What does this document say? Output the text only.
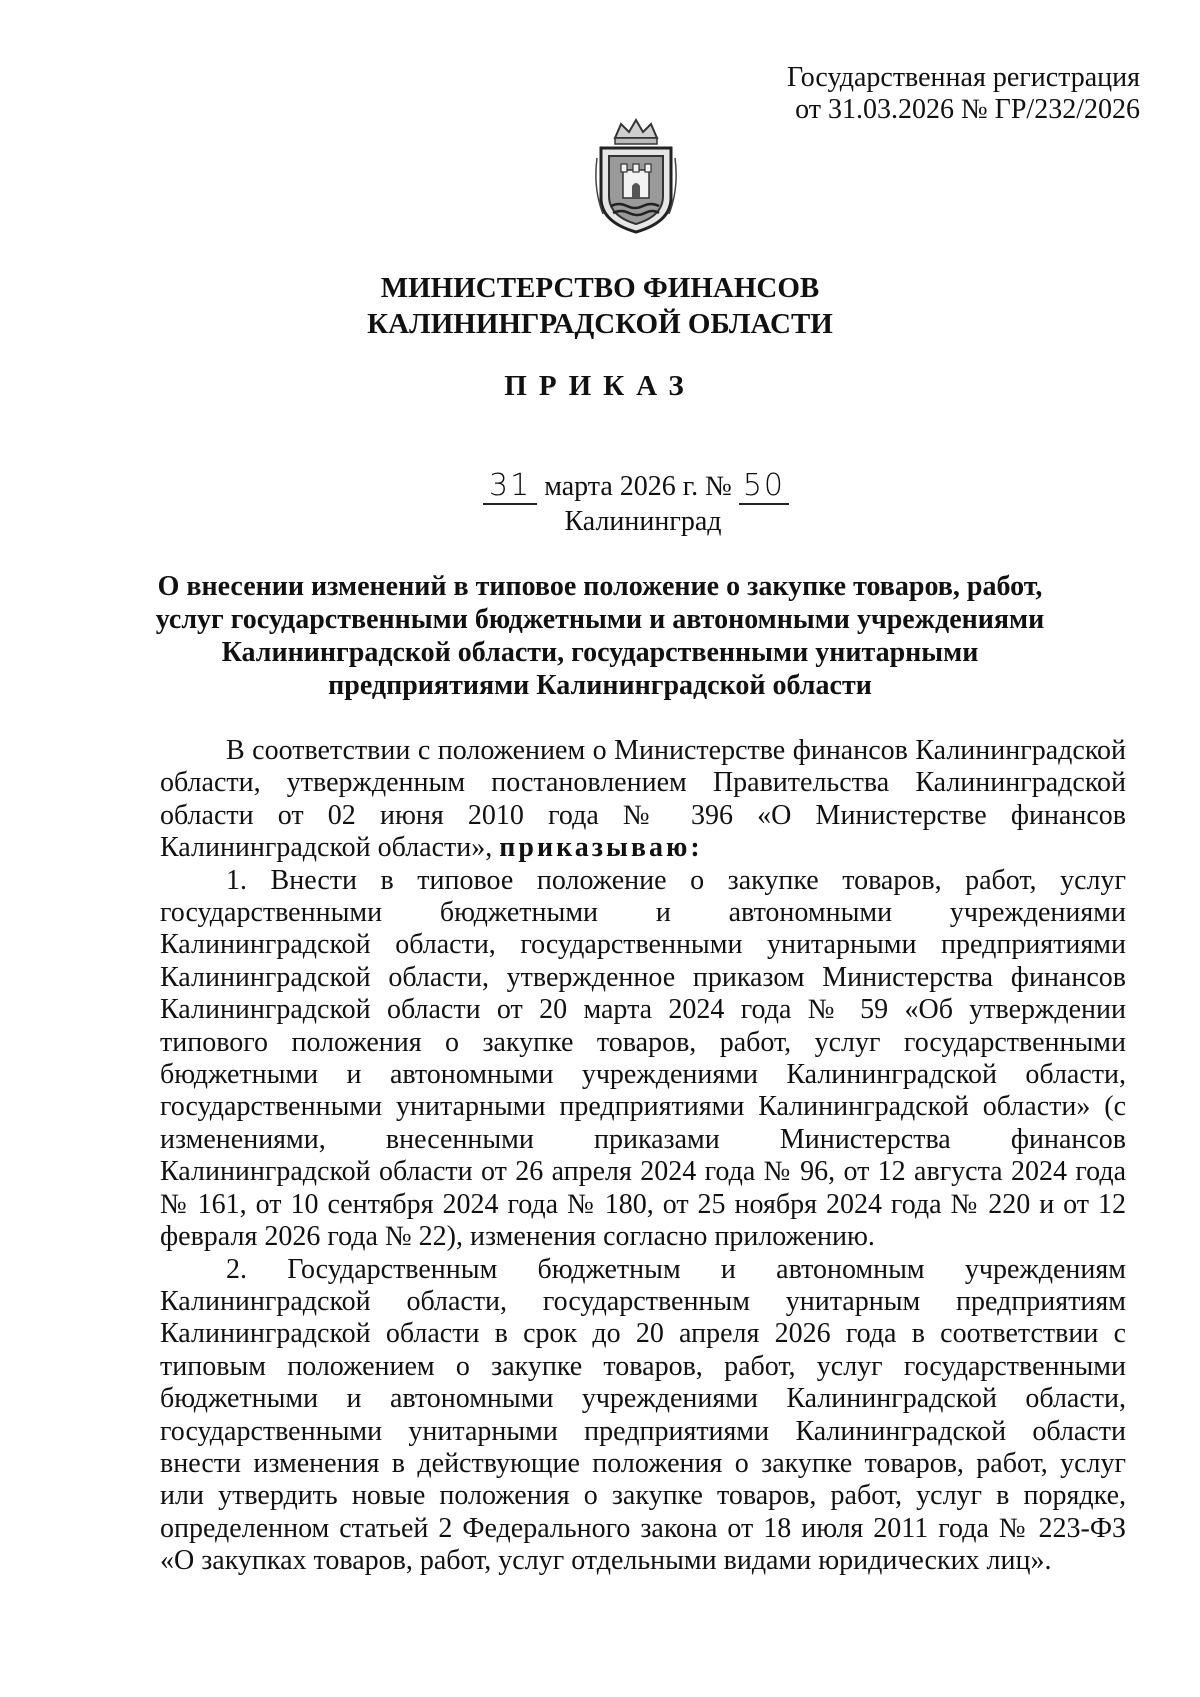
Государственная регистрация
от 31.03.2026 № ГР/232/2026
МИНИСТЕРСТВО ФИНАНСОВ
КАЛИНИНГРАДСКОЙ ОБЛАСТИ
ПРИКАЗ
31 марта 2026 г. № 50
Калининград
О внесении изменений в типовое положение о закупке товаров, работ, услуг государственными бюджетными и автономными учреждениями Калининградской области, государственными унитарными предприятиями Калининградской области

В соответствии с положением о Министерстве финансов Калининградской области, утвержденным постановлением Правительства Калининградской области от 02 июня 2010 года № 396 «О Министерстве финансов Калининградской области», приказываю:

1. Внести в типовое положение о закупке товаров, работ, услуг государственными бюджетными и автономными учреждениями Калининградской области, государственными унитарными предприятиями Калининградской области, утвержденное приказом Министерства финансов Калининградской области от 20 марта 2024 года № 59 «Об утверждении типового положения о закупке товаров, работ, услуг государственными бюджетными и автономными учреждениями Калининградской области, государственными унитарными предприятиями Калининградской области» (с изменениями, внесенными приказами Министерства финансов Калининградской области от 26 апреля 2024 года № 96, от 12 августа 2024 года № 161, от 10 сентября 2024 года № 180, от 25 ноября 2024 года № 220 и от 12 февраля 2026 года № 22), изменения согласно приложению.

2. Государственным бюджетным и автономным учреждениям Калининградской области, государственным унитарным предприятиям Калининградской области в срок до 20 апреля 2026 года в соответствии с типовым положением о закупке товаров, работ, услуг государственными бюджетными и автономными учреждениями Калининградской области, государственными унитарными предприятиями Калининградской области внести изменения в действующие положения о закупке товаров, работ, услуг или утвердить новые положения о закупке товаров, работ, услуг в порядке, определенном статьей 2 Федерального закона от 18 июля 2011 года № 223-ФЗ «О закупках товаров, работ, услуг отдельными видами юридических лиц».
